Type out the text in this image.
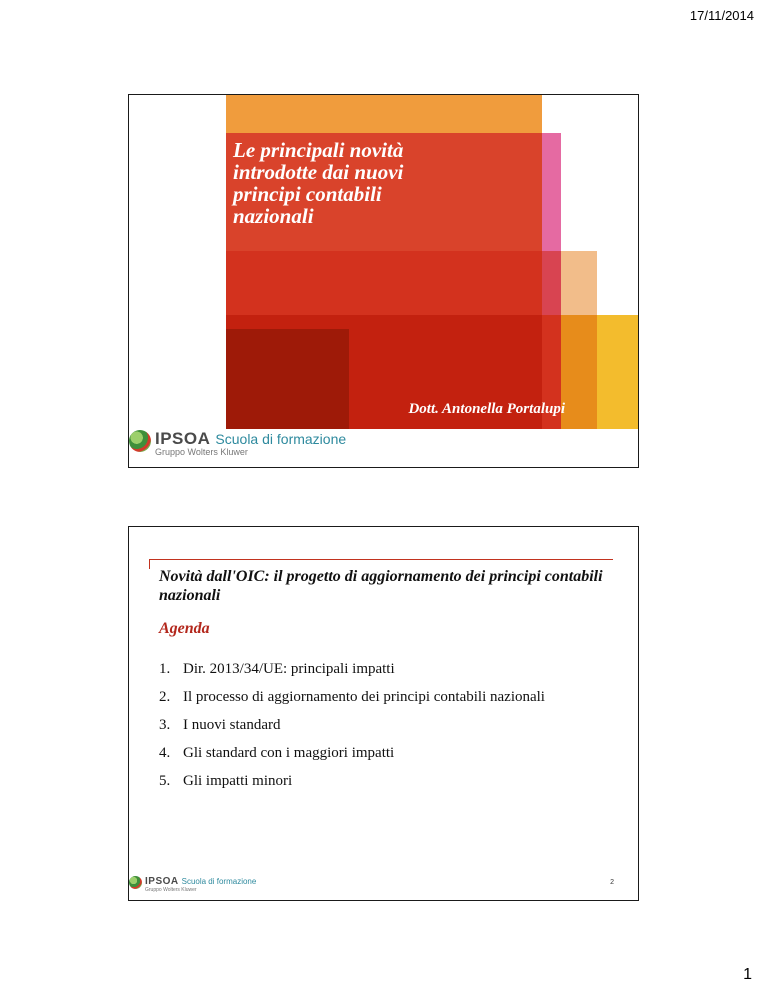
17/11/2014
Le principali novità
introdotte dai nuovi
principi contabili
nazionali
Dott. Antonella Portalupi
IPSOA Scuola di formazione
Gruppo Wolters Kluwer
Novità dall'OIC: il progetto di aggiornamento dei principi contabili nazionali
Agenda
1. Dir. 2013/34/UE: principali impatti
2. Il processo di aggiornamento dei principi contabili nazionali
3. I nuovi standard
4. Gli standard con i maggiori impatti
5. Gli impatti minori
IPSOA Scuola di formazione
Gruppo Wolters Kluwer
2
1
